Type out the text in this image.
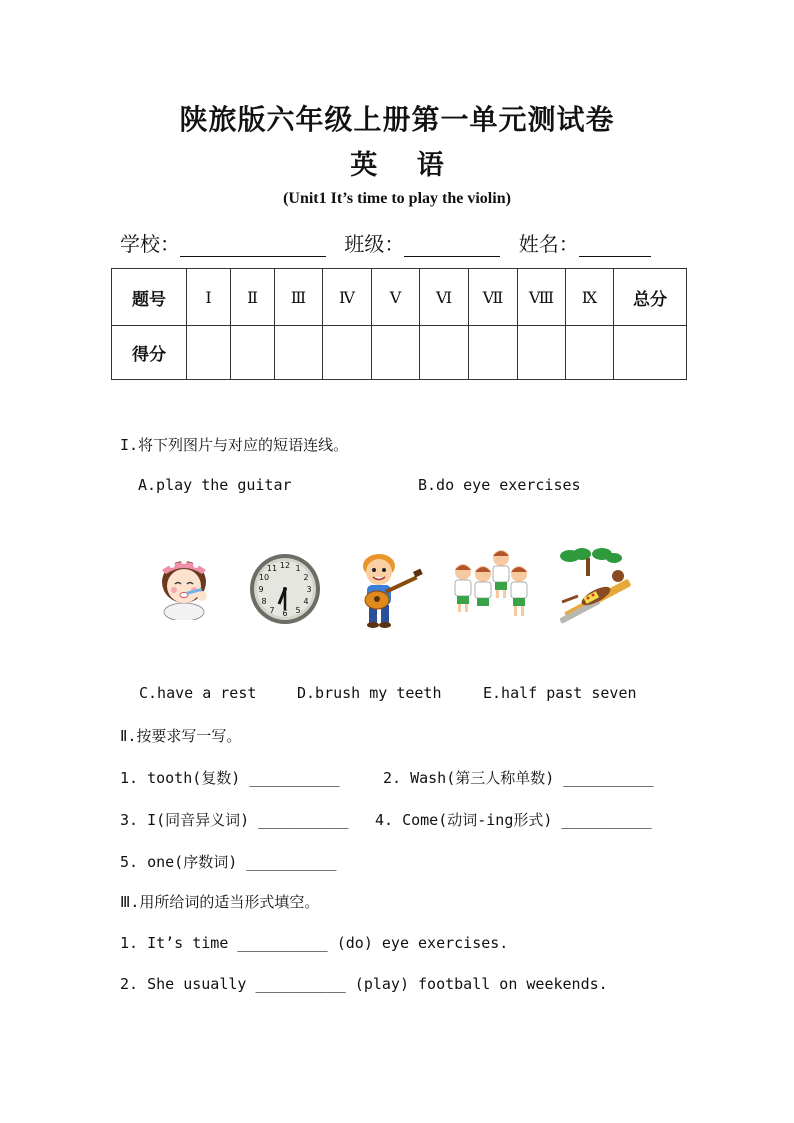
陕旅版六年级上册第一单元测试卷
英 语
(Unit1 It’s time to play the violin)
学校：	班级：	姓名：
题号	Ⅰ	Ⅱ	Ⅲ	Ⅳ	Ⅴ	Ⅵ	Ⅶ	Ⅷ	Ⅸ	总分
得分										
I.将下列图片与对应的短语连线。
A.play the guitar	B.do eye exercises
12 1
2
3
4
5
6
7
8
9
10
11
C.have a rest	D.brush my teeth	E.half past seven
Ⅱ.按要求写一写。
1. tooth(复数) __________	2. Wash(第三人称单数) __________
3. I(同音异义词) __________ 4. Come(动词-ing形式) __________
5. one(序数词) __________
Ⅲ.用所给词的适当形式填空。
1. It’s time __________ (do) eye exercises.
2. She usually __________ (play) football on weekends.
